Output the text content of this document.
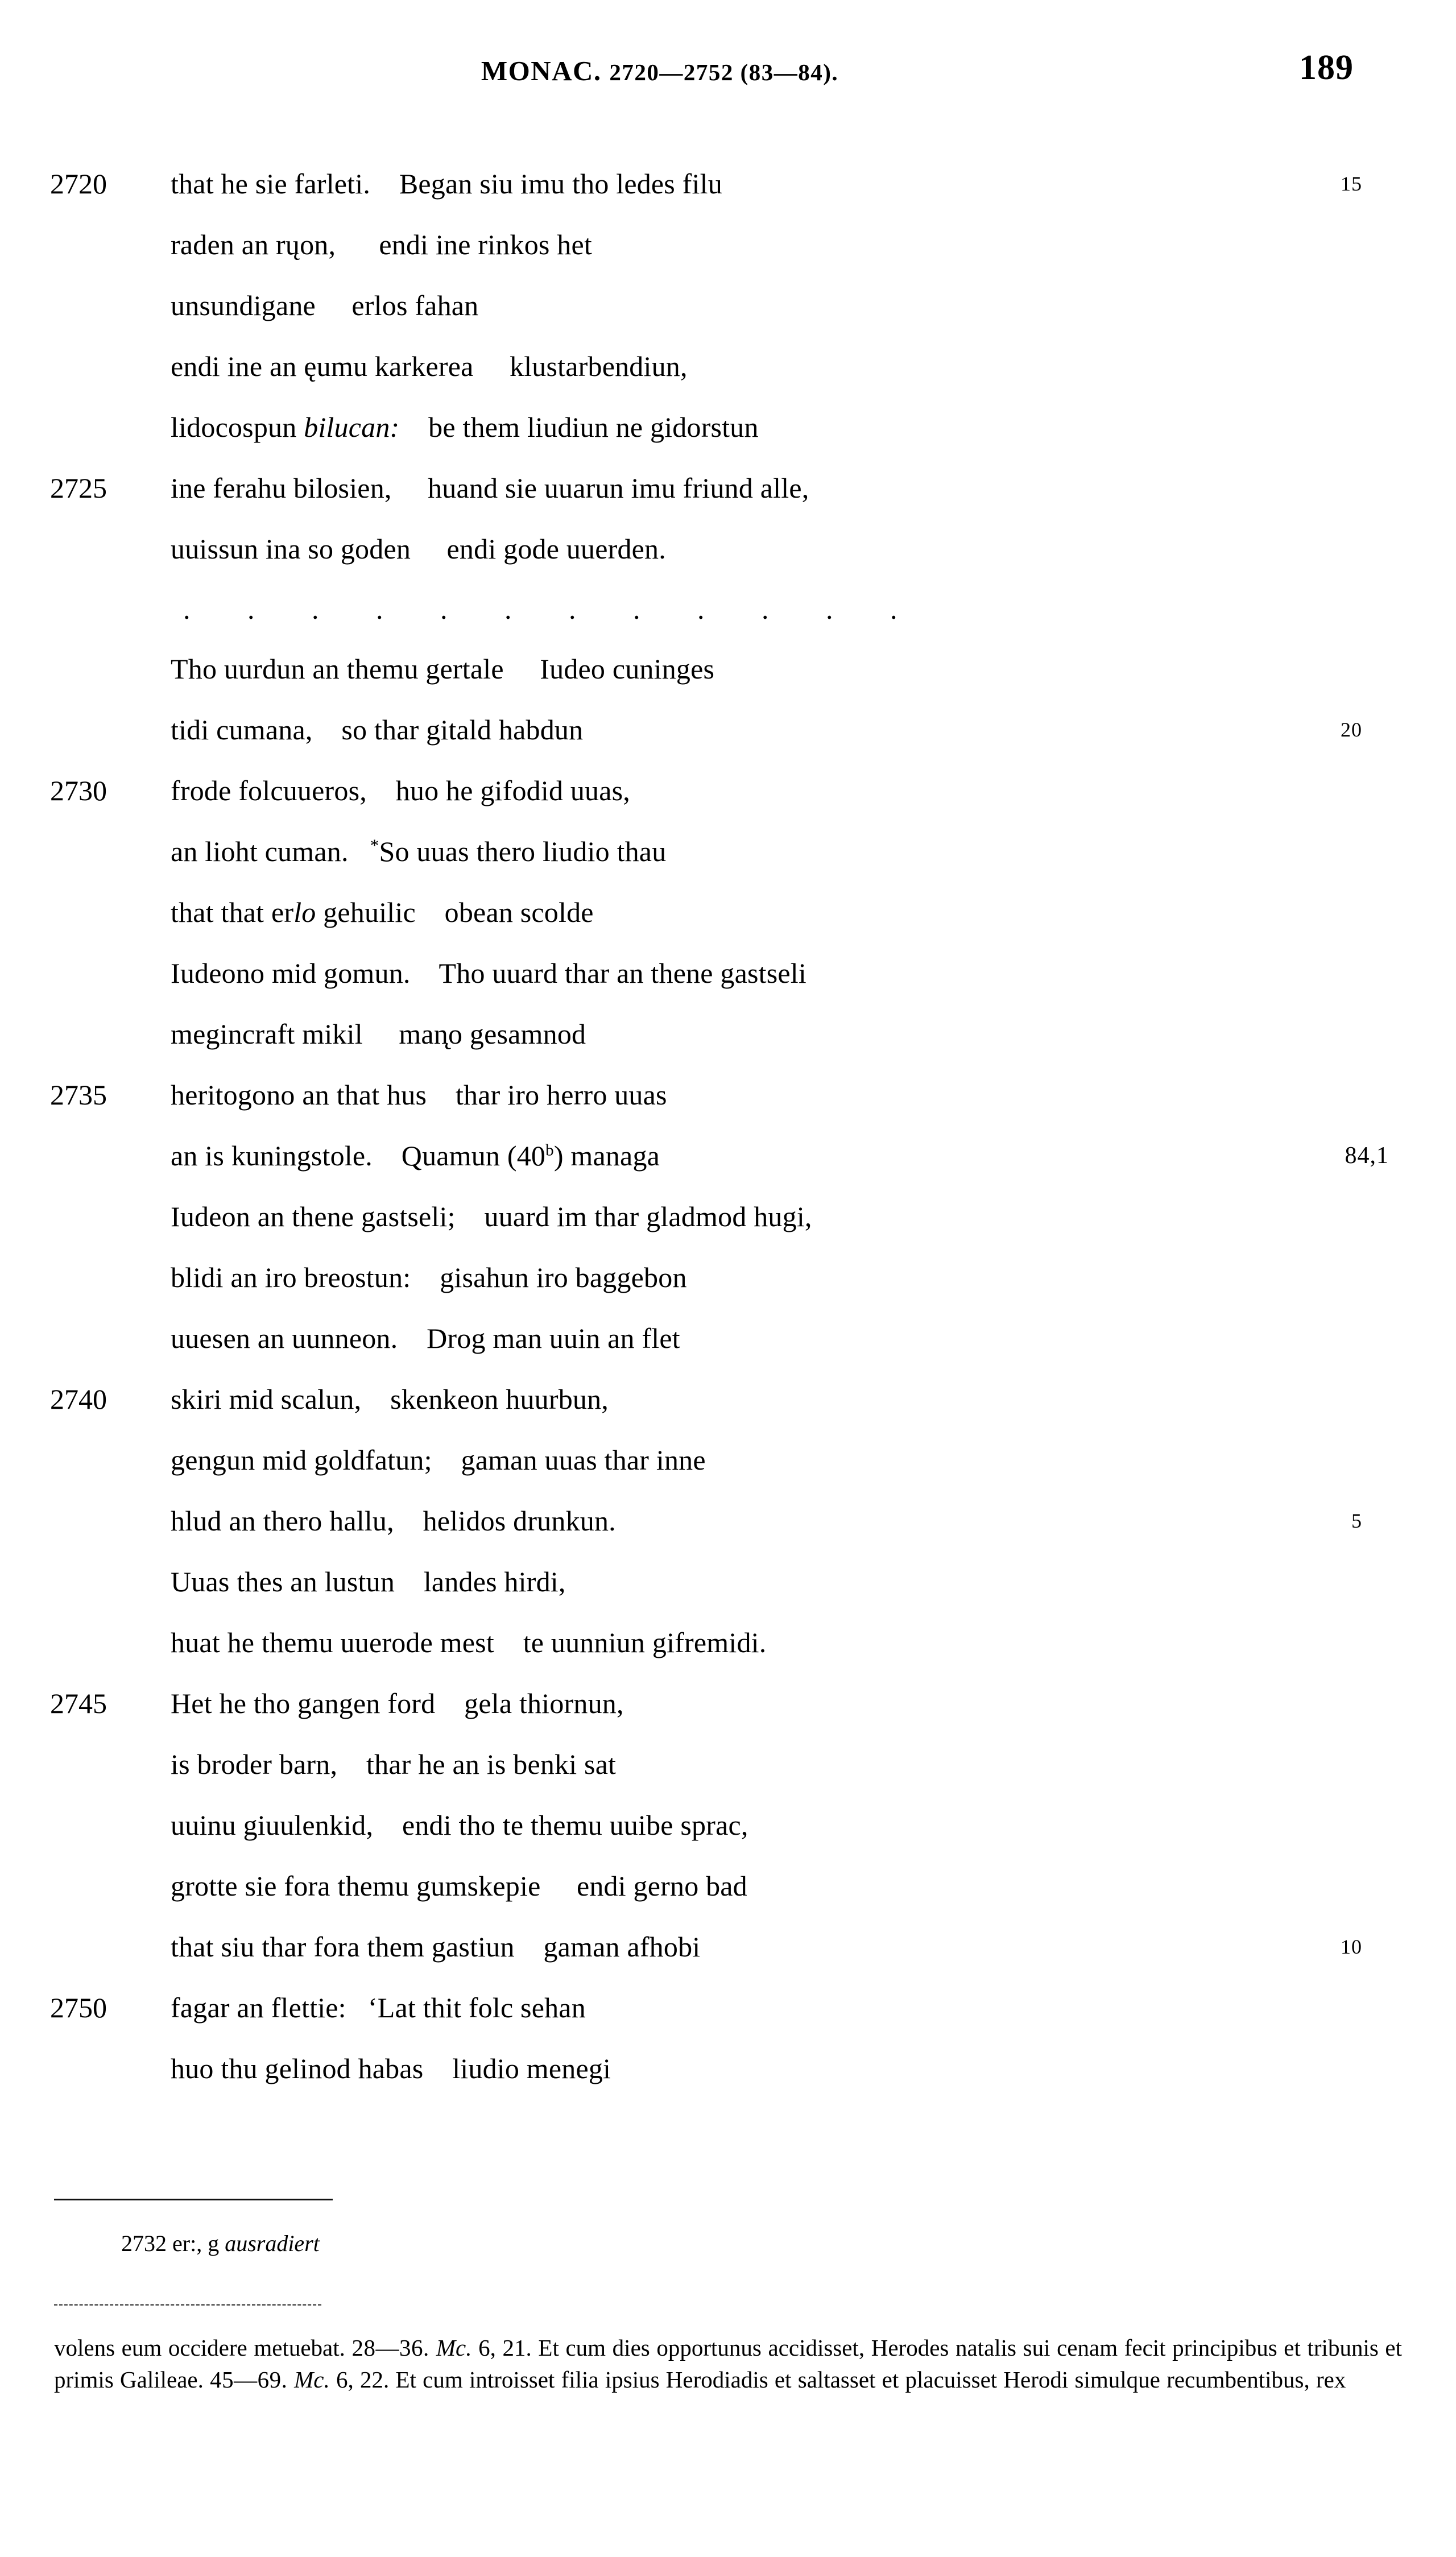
MONAC. 2720—2752 (83—84).	189

2720

	that he sie farleti.    Began siu imu tho ledes filu

	15

raden an rųon,      endi ine rinkos het

unsundigane     erlos fahan

endi ine an ęumu karkerea     klustarbendiun,

lidocospun bilucan:    be them liudiun ne gidorstun

2725

	ine ferahu bilosien,     huand sie uuarun imu friund alle,

uuissun ina so goden     endi gode uuerden.

. . . . . . . . . . . .

Tho uurdun an themu gertale     Iudeo cuninges

tidi cumana,    so thar gitald habdun

	20

2730

	frode folcuueros,    huo he gifodid uuas,

an lioht cuman.   *So uuas thero liudio thau

that that erlo gehuilic    obean scolde

Iudeono mid gomun.    Tho uuard thar an thene gastseli

megincraft mikil     man̨o gesamnod

2735

	heritogono an that hus    thar iro herro uuas

an is kuningstole.    Quamun (40$^b$) managa

	84,1

Iudeon an thene gastseli;    uuard im thar gladmod hugi,

blidi an iro breostun:    gisahun iro baggebon

uuesen an uunneon.    Drog man uuin an flet

2740

	skiri mid scalun,    skenkeon huurbun,

gengun mid goldfatun;    gaman uuas thar inne

hlud an thero hallu,    helidos drunkun.

	5

Uuas thes an lustun    landes hirdi,

huat he themu uuerode mest    te uunniun gifremidi.

2745

	Het he tho gangen ford    gela thiornun,

is broder barn,    thar he an is benki sat

uuinu giuulenkid,    endi tho te themu uuibe sprac,

grotte sie fora themu gumskepie     endi gerno bad

that siu thar fora them gastiun    gaman afhobi

	10

2750

	fagar an flettie:   ‘Lat thit folc sehan

huo thu gelinod habas    liudio menegi

2732 er:, g ausradiert
volens eum occidere metuebat. 28—36. Mc. 6, 21. Et cum dies opportunus accidisset, Herodes natalis sui cenam fecit principibus et tribunis et primis Galileae. 45—69. Mc. 6, 22. Et cum introisset filia ipsius Herodiadis et saltasset et placuisset Herodi simulque recumbentibus, rex
